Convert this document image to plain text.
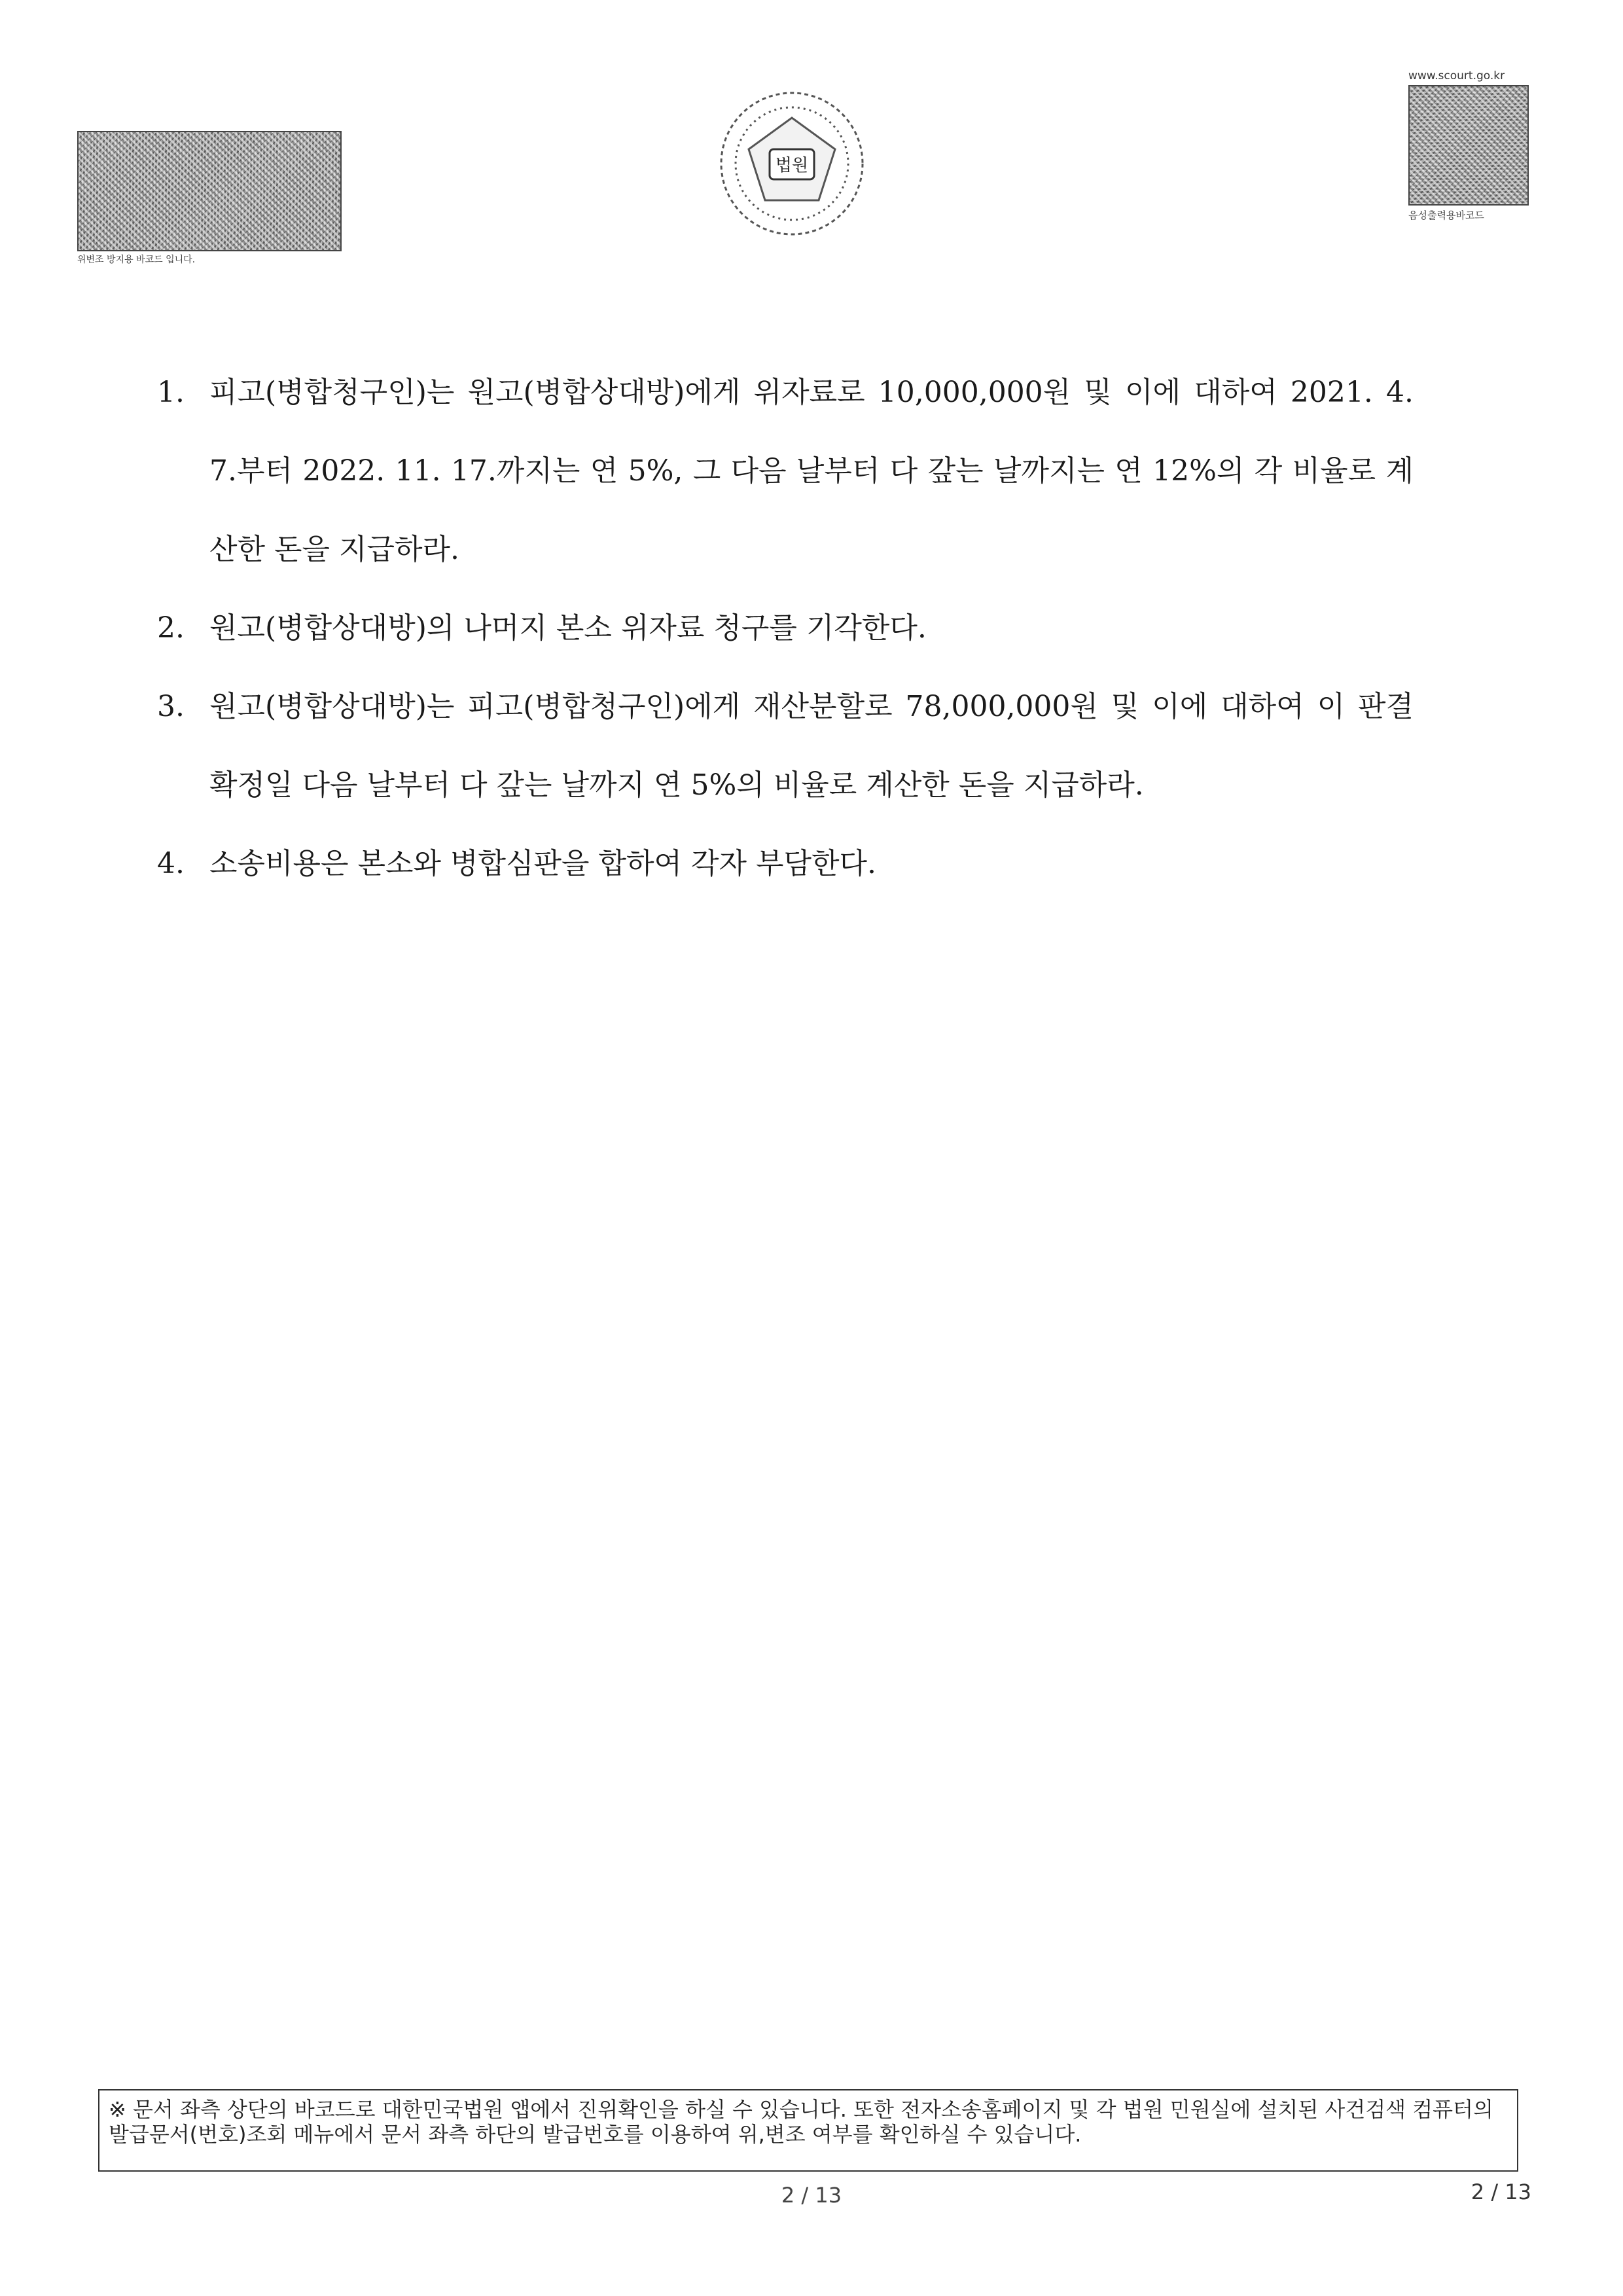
위변조 방지용 바코드 입니다.
법원
www.scourt.go.kr
음성출력용바코드

1. 피고(병합청구인)는 원고(병합상대방)에게 위자료로 10,000,000원 및 이에 대하여 2021. 4. 7.부터 2022. 11. 17.까지는 연 5%, 그 다음 날부터 다 갚는 날까지는 연 12%의 각 비율로 계산한 돈을 지급하라.

2. 원고(병합상대방)의 나머지 본소 위자료 청구를 기각한다.

3. 원고(병합상대방)는 피고(병합청구인)에게 재산분할로 78,000,000원 및 이에 대하여 이 판결 확정일 다음 날부터 다 갚는 날까지 연 5%의 비율로 계산한 돈을 지급하라.

4. 소송비용은 본소와 병합심판을 합하여 각자 부담한다.

※ 문서 좌측 상단의 바코드로 대한민국법원 앱에서 진위확인을 하실 수 있습니다. 또한 전자소송홈페이지 및 각 법원 민원실에 설치된 사건검색 컴퓨터의 발급문서(번호)조회 메뉴에서 문서 좌측 하단의 발급번호를 이용하여 위,변조 여부를 확인하실 수 있습니다.
2 / 13	2 / 13
